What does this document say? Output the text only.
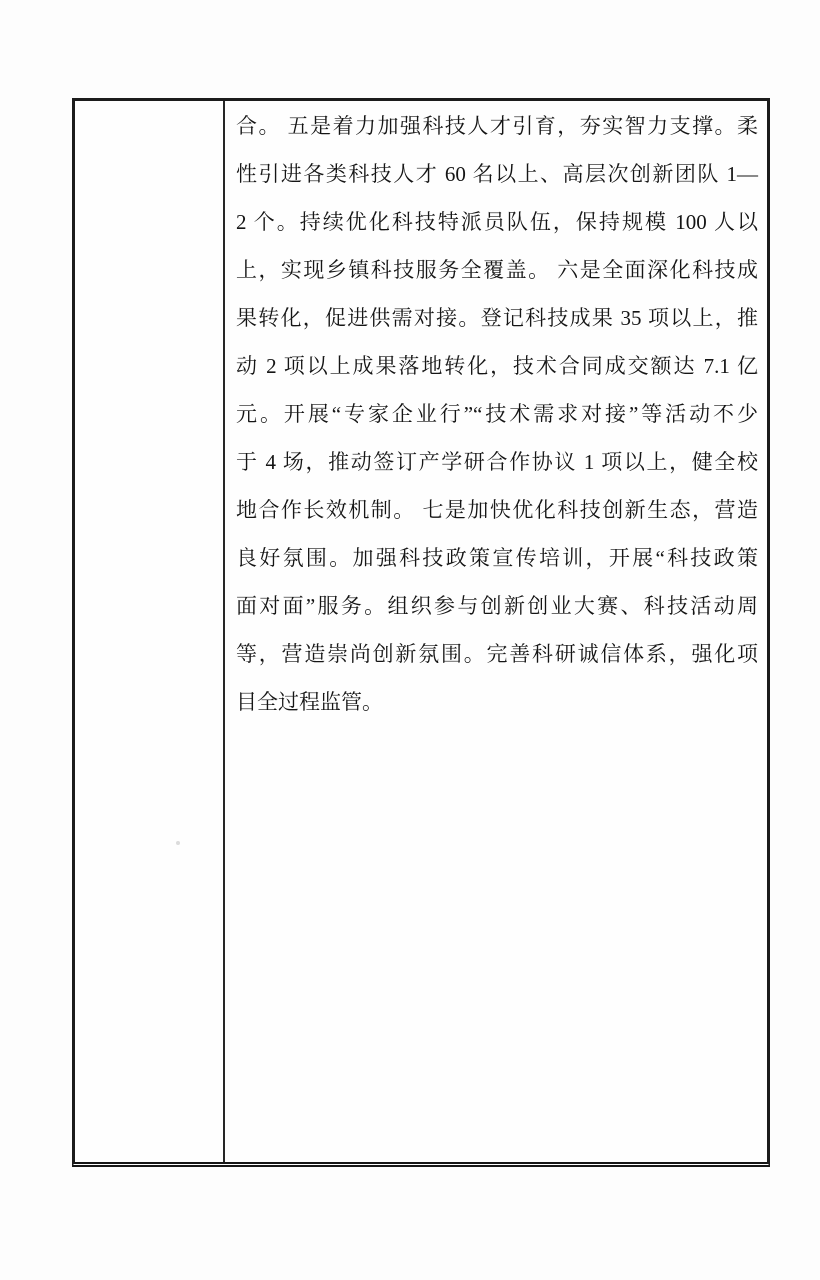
合。 五是着力加强科技人才引育，夯实智力支撑。柔
性引进各类科技人才 60 名以上、高层次创新团队 1—
2 个。持续优化科技特派员队伍，保持规模 100 人以
上，实现乡镇科技服务全覆盖。 六是全面深化科技成
果转化，促进供需对接。登记科技成果 35 项以上，推
动 2 项以上成果落地转化，技术合同成交额达 7.1 亿
元。开展“专家企业行”“技术需求对接”等活动不少
于 4 场，推动签订产学研合作协议 1 项以上，健全校
地合作长效机制。 七是加快优化科技创新生态，营造
良好氛围。加强科技政策宣传培训，开展“科技政策
面对面”服务。组织参与创新创业大赛、科技活动周
等，营造崇尚创新氛围。完善科研诚信体系，强化项
目全过程监管。
